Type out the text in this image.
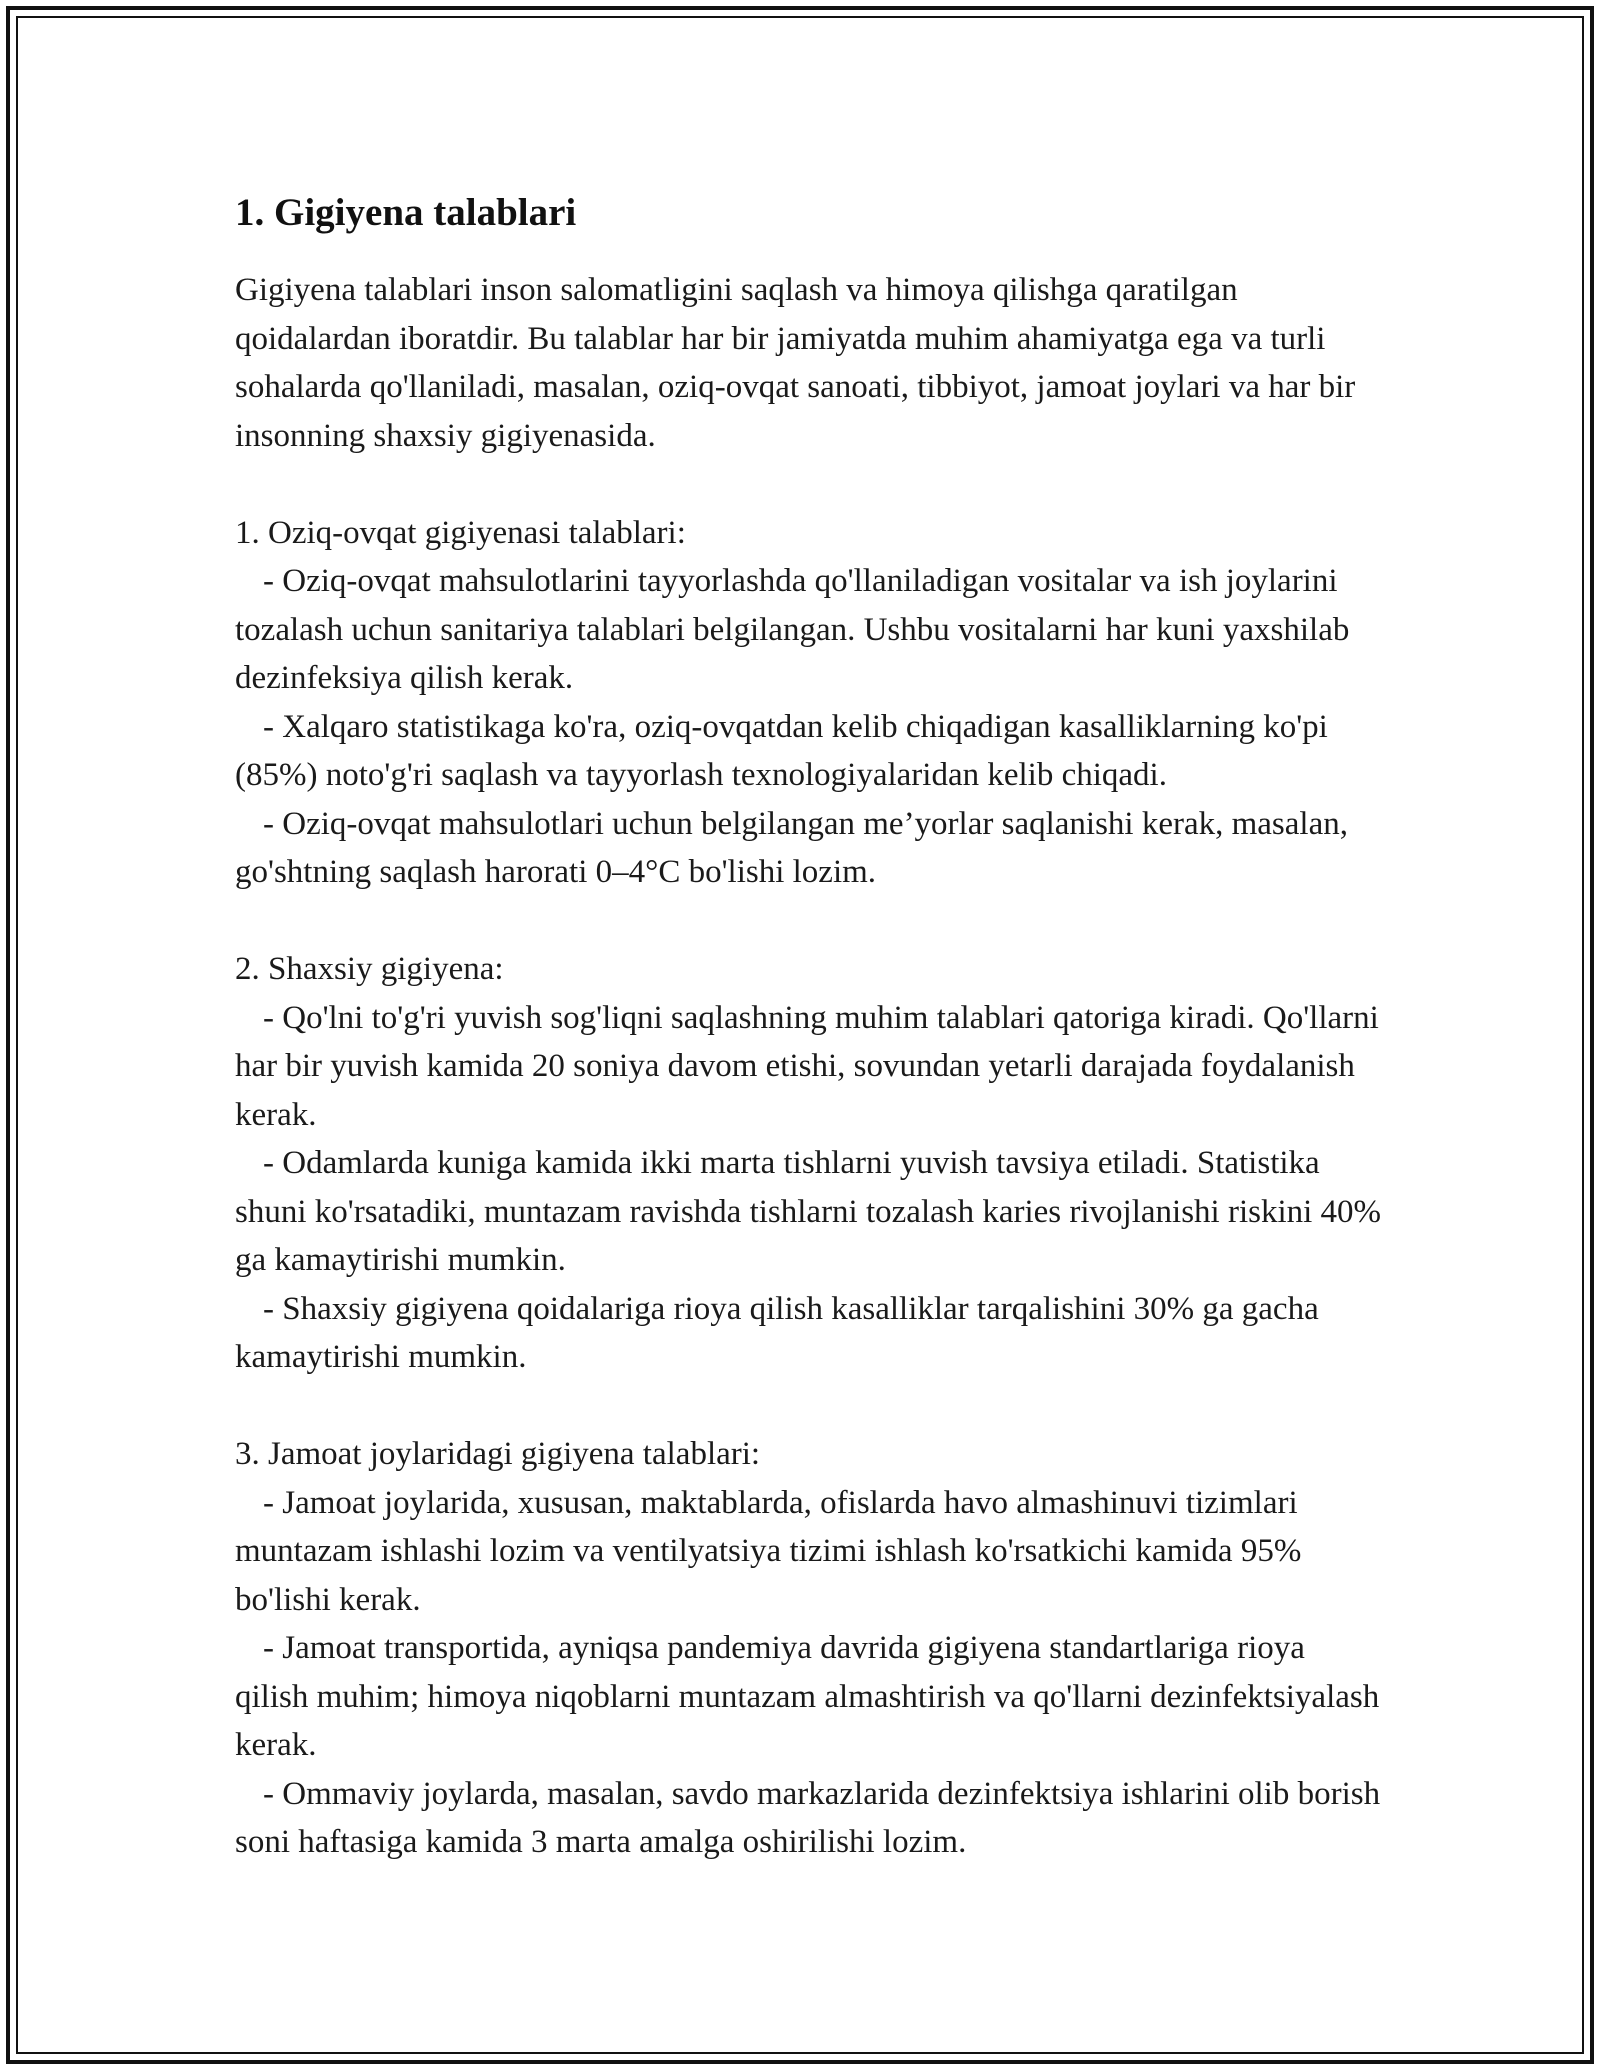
1. Gigiyena talablari

Gigiyena talablari inson salomatligini saqlash va himoya qilishga qaratilgan qoidalardan iboratdir. Bu talablar har bir jamiyatda muhim ahamiyatga ega va turli sohalarda qo'llaniladi, masalan, oziq-ovqat sanoati, tibbiyot, jamoat joylari va har bir insonning shaxsiy gigiyenasida.

1. Oziq-ovqat gigiyenasi talablari:

- Oziq-ovqat mahsulotlarini tayyorlashda qo'llaniladigan vositalar va ish joylarini tozalash uchun sanitariya talablari belgilangan. Ushbu vositalarni har kuni yaxshilab dezinfeksiya qilish kerak.

- Xalqaro statistikaga ko'ra, oziq-ovqatdan kelib chiqadigan kasalliklarning ko'pi (85%) noto'g'ri saqlash va tayyorlash texnologiyalaridan kelib chiqadi.

- Oziq-ovqat mahsulotlari uchun belgilangan me’yorlar saqlanishi kerak, masalan, go'shtning saqlash harorati 0–4°C bo'lishi lozim.

2. Shaxsiy gigiyena:

- Qo'lni to'g'ri yuvish sog'liqni saqlashning muhim talablari qatoriga kiradi. Qo'llarni har bir yuvish kamida 20 soniya davom etishi, sovundan yetarli darajada foydalanish kerak.

- Odamlarda kuniga kamida ikki marta tishlarni yuvish tavsiya etiladi. Statistika shuni ko'rsatadiki, muntazam ravishda tishlarni tozalash karies rivojlanishi riskini 40% ga kamaytirishi mumkin.

- Shaxsiy gigiyena qoidalariga rioya qilish kasalliklar tarqalishini 30% ga gacha kamaytirishi mumkin.

3. Jamoat joylaridagi gigiyena talablari:

- Jamoat joylarida, xususan, maktablarda, ofislarda havo almashinuvi tizimlari muntazam ishlashi lozim va ventilyatsiya tizimi ishlash ko'rsatkichi kamida 95% bo'lishi kerak.

- Jamoat transportida, ayniqsa pandemiya davrida gigiyena standartlariga rioya qilish muhim; himoya niqoblarni muntazam almashtirish va qo'llarni dezinfektsiyalash kerak.

- Ommaviy joylarda, masalan, savdo markazlarida dezinfektsiya ishlarini olib borish soni haftasiga kamida 3 marta amalga oshirilishi lozim.
